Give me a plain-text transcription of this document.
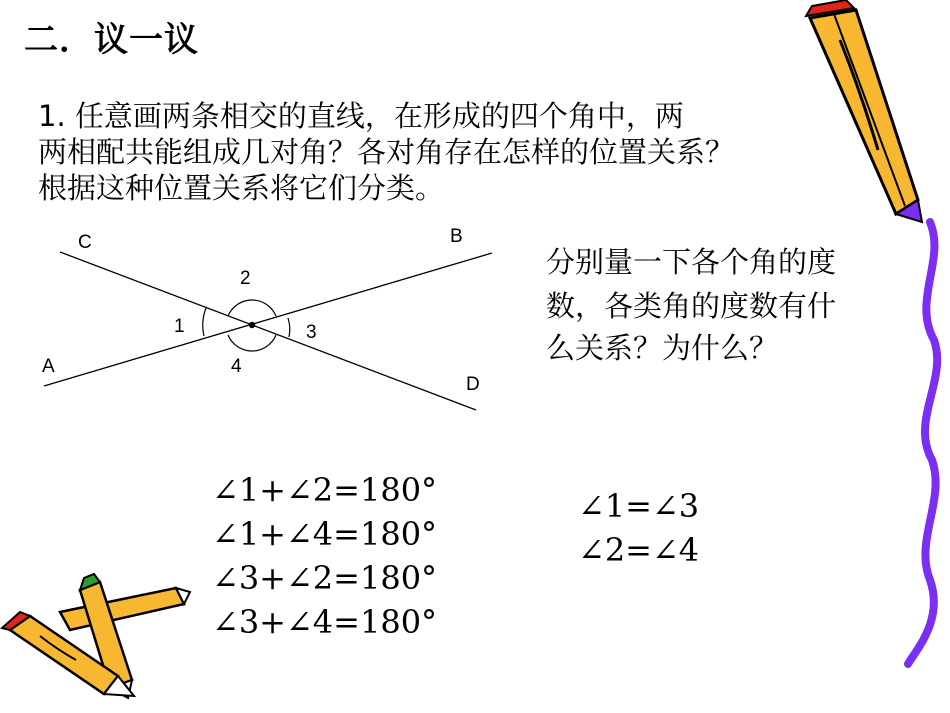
二．议一议
1. 任意画两条相交的直线，在形成的四个角中，两
两相配共能组成几对角？各对角存在怎样的位置关系？
根据这种位置关系将它们分类。
C	B
A
D
1
2
3
4
分别量一下各个角的度
数，各类角的度数有什
么关系？为什么？
∠1+∠2=180°
∠1+∠4=180°
∠3+∠2=180°
∠3+∠4=180°
∠1=∠3
∠2=∠4
